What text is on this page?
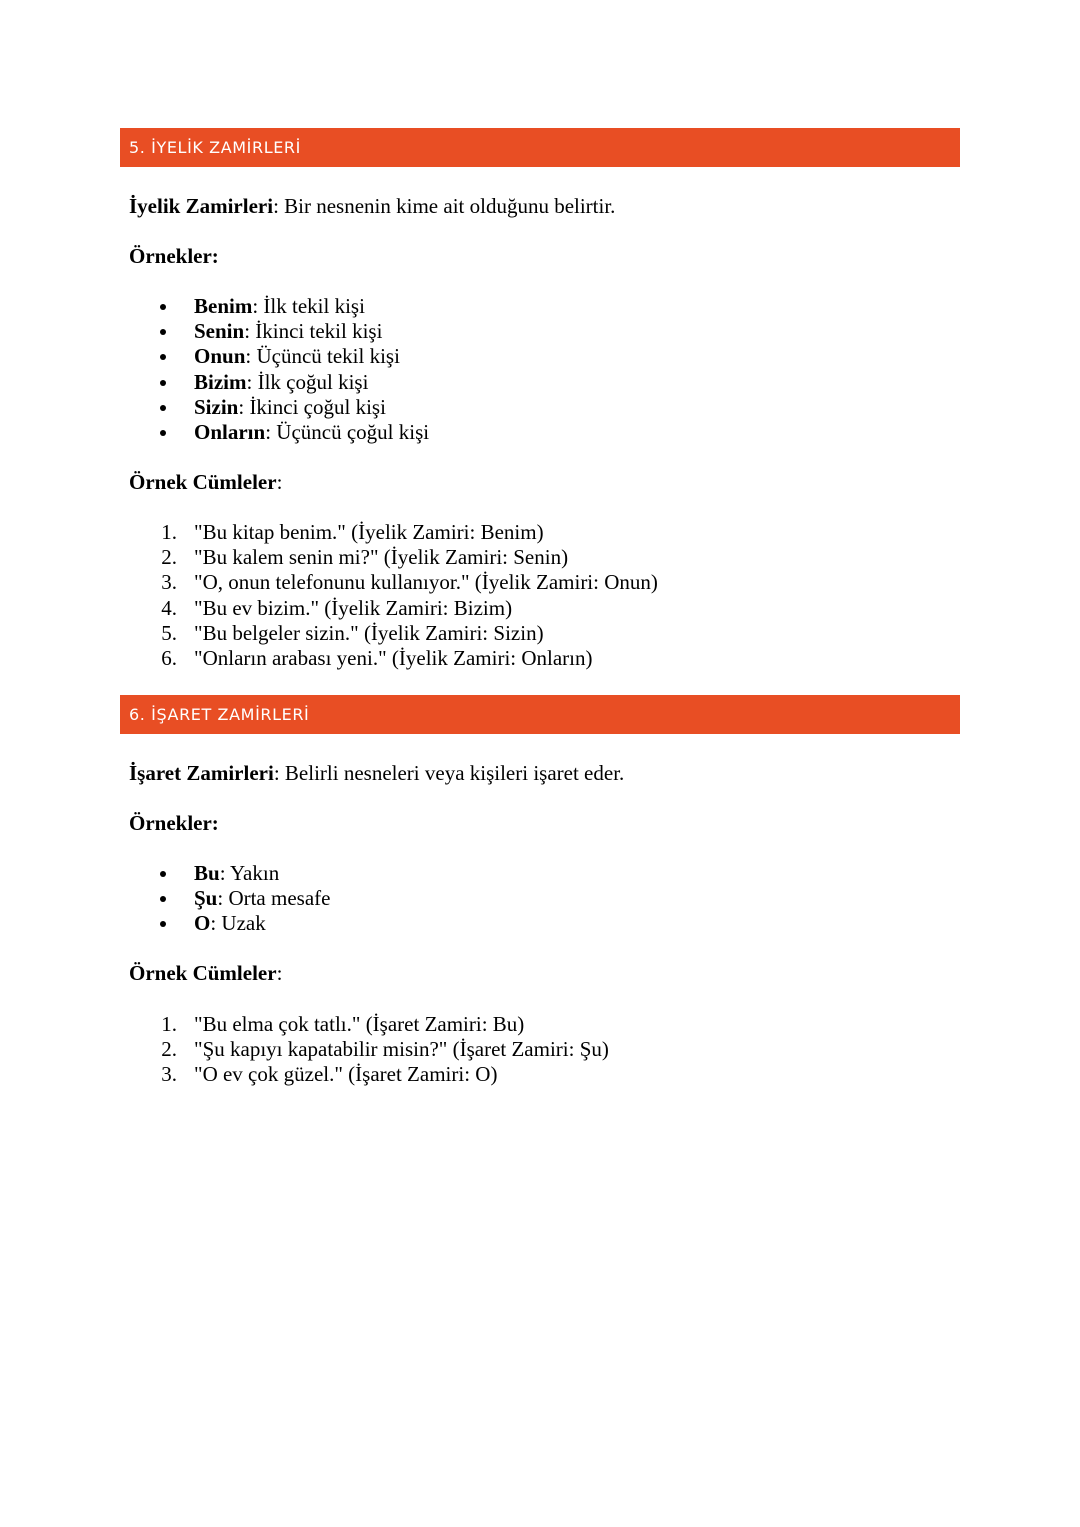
5. İYELİK ZAMİRLERİ
İyelik Zamirleri: Bir nesnenin kime ait olduğunu belirtir.
Örnekler:
Benim: İlk tekil kişi
Senin: İkinci tekil kişi
Onun: Üçüncü tekil kişi
Bizim: İlk çoğul kişi
Sizin: İkinci çoğul kişi
Onların: Üçüncü çoğul kişi
Örnek Cümleler:
1. "Bu kitap benim." (İyelik Zamiri: Benim)
2. "Bu kalem senin mi?" (İyelik Zamiri: Senin)
3. "O, onun telefonunu kullanıyor." (İyelik Zamiri: Onun)
4. "Bu ev bizim." (İyelik Zamiri: Bizim)
5. "Bu belgeler sizin." (İyelik Zamiri: Sizin)
6. "Onların arabası yeni." (İyelik Zamiri: Onların)
6. İŞARET ZAMİRLERİ
İşaret Zamirleri: Belirli nesneleri veya kişileri işaret eder.
Örnekler:
Bu: Yakın
Şu: Orta mesafe
O: Uzak
Örnek Cümleler:
1. "Bu elma çok tatlı." (İşaret Zamiri: Bu)
2. "Şu kapıyı kapatabilir misin?" (İşaret Zamiri: Şu)
3. "O ev çok güzel." (İşaret Zamiri: O)
